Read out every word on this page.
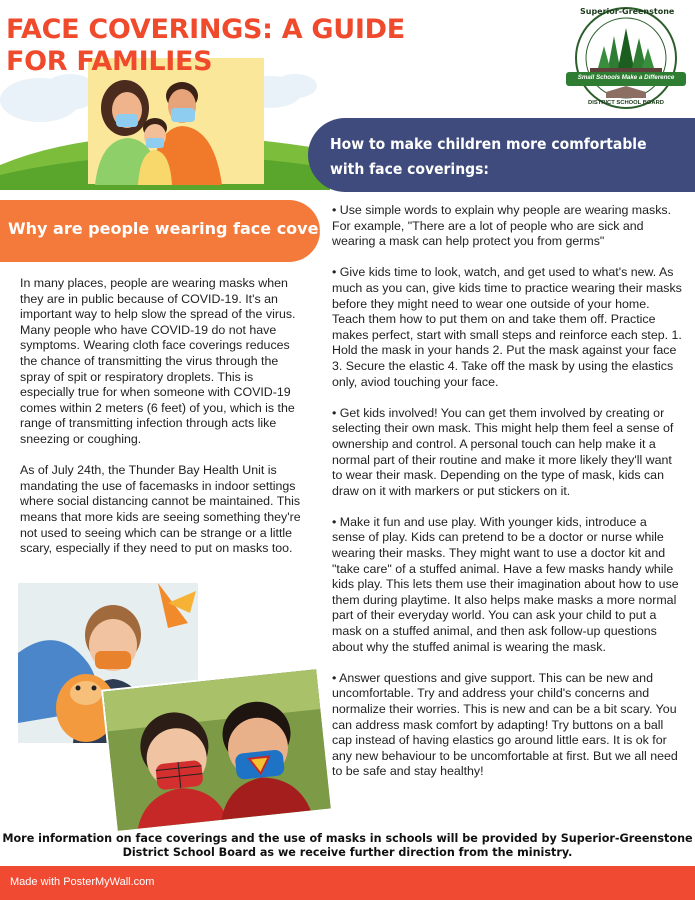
FACE COVERINGS: A GUIDE FOR FAMILIES
Superior-Greenstone
Small Schools Make a Difference
DISTRICT SCHOOL BOARD
How to make children more comfortable with face coverings:
Why are people wearing face coverings?

In many places, people are wearing masks when they are in public because of COVID-19. It's an important way to help slow the spread of the virus. Many people who have COVID-19 do not have symptoms. Wearing cloth face coverings reduces the chance of transmitting the virus through the spray of spit or respiratory droplets. This is especially true for when someone with COVID-19 comes within 2 meters (6 feet) of you, which is the range of transmitting infection through acts like sneezing or coughing.

As of July 24th, the Thunder Bay Health Unit is mandating the use of facemasks in indoor settings where social distancing cannot be maintained. This means that more kids are seeing something they're not used to seeing which can be strange or a little scary, especially if they need to put on masks too.

• Use simple words to explain why people are wearing masks. For example, "There are a lot of people who are sick and wearing a mask can help protect you from germs"

• Give kids time to look, watch, and get used to what's new. As much as you can, give kids time to practice wearing their masks before they might need to wear one outside of your home. Teach them how to put them on and take them off. Practice makes perfect, start with small steps and reinforce each step. 1. Hold the mask in your hands 2. Put the mask against your face 3. Secure the elastic 4. Take off the mask by using the elastics only, aviod touching your face.

• Get kids involved! You can get them involved by creating or selecting their own mask. This might help them feel a sense of ownership and control. A personal touch can help make it a normal part of their routine and make it more likely they'll want to wear their mask. Depending on the type of mask, kids can draw on it with markers or put stickers on it.

• Make it fun and use play. With younger kids, introduce a sense of play. Kids can pretend to be a doctor or nurse while wearing their masks. They might want to use a doctor kit and "take care" of a stuffed animal. Have a few masks handy while kids play. This lets them use their imagination about how to use them during playtime. It also helps make masks a more normal part of their everyday world. You can ask your child to put a mask on a stuffed animal, and then ask follow-up questions about why the stuffed animal is wearing the mask.

• Answer questions and give support. This can be new and uncomfortable. Try and address your child's concerns and normalize their worries. This is new and can be a bit scary. You can address mask comfort by adapting! Try buttons on a ball cap instead of having elastics go around little ears. It is ok for any new behaviour to be uncomfortable at first. But we all need to be safe and stay healthy!

More information on face coverings and the use of masks in schools will be provided by Superior-Greenstone District School Board as we receive further direction from the ministry.
Made with PosterMyWall.com
